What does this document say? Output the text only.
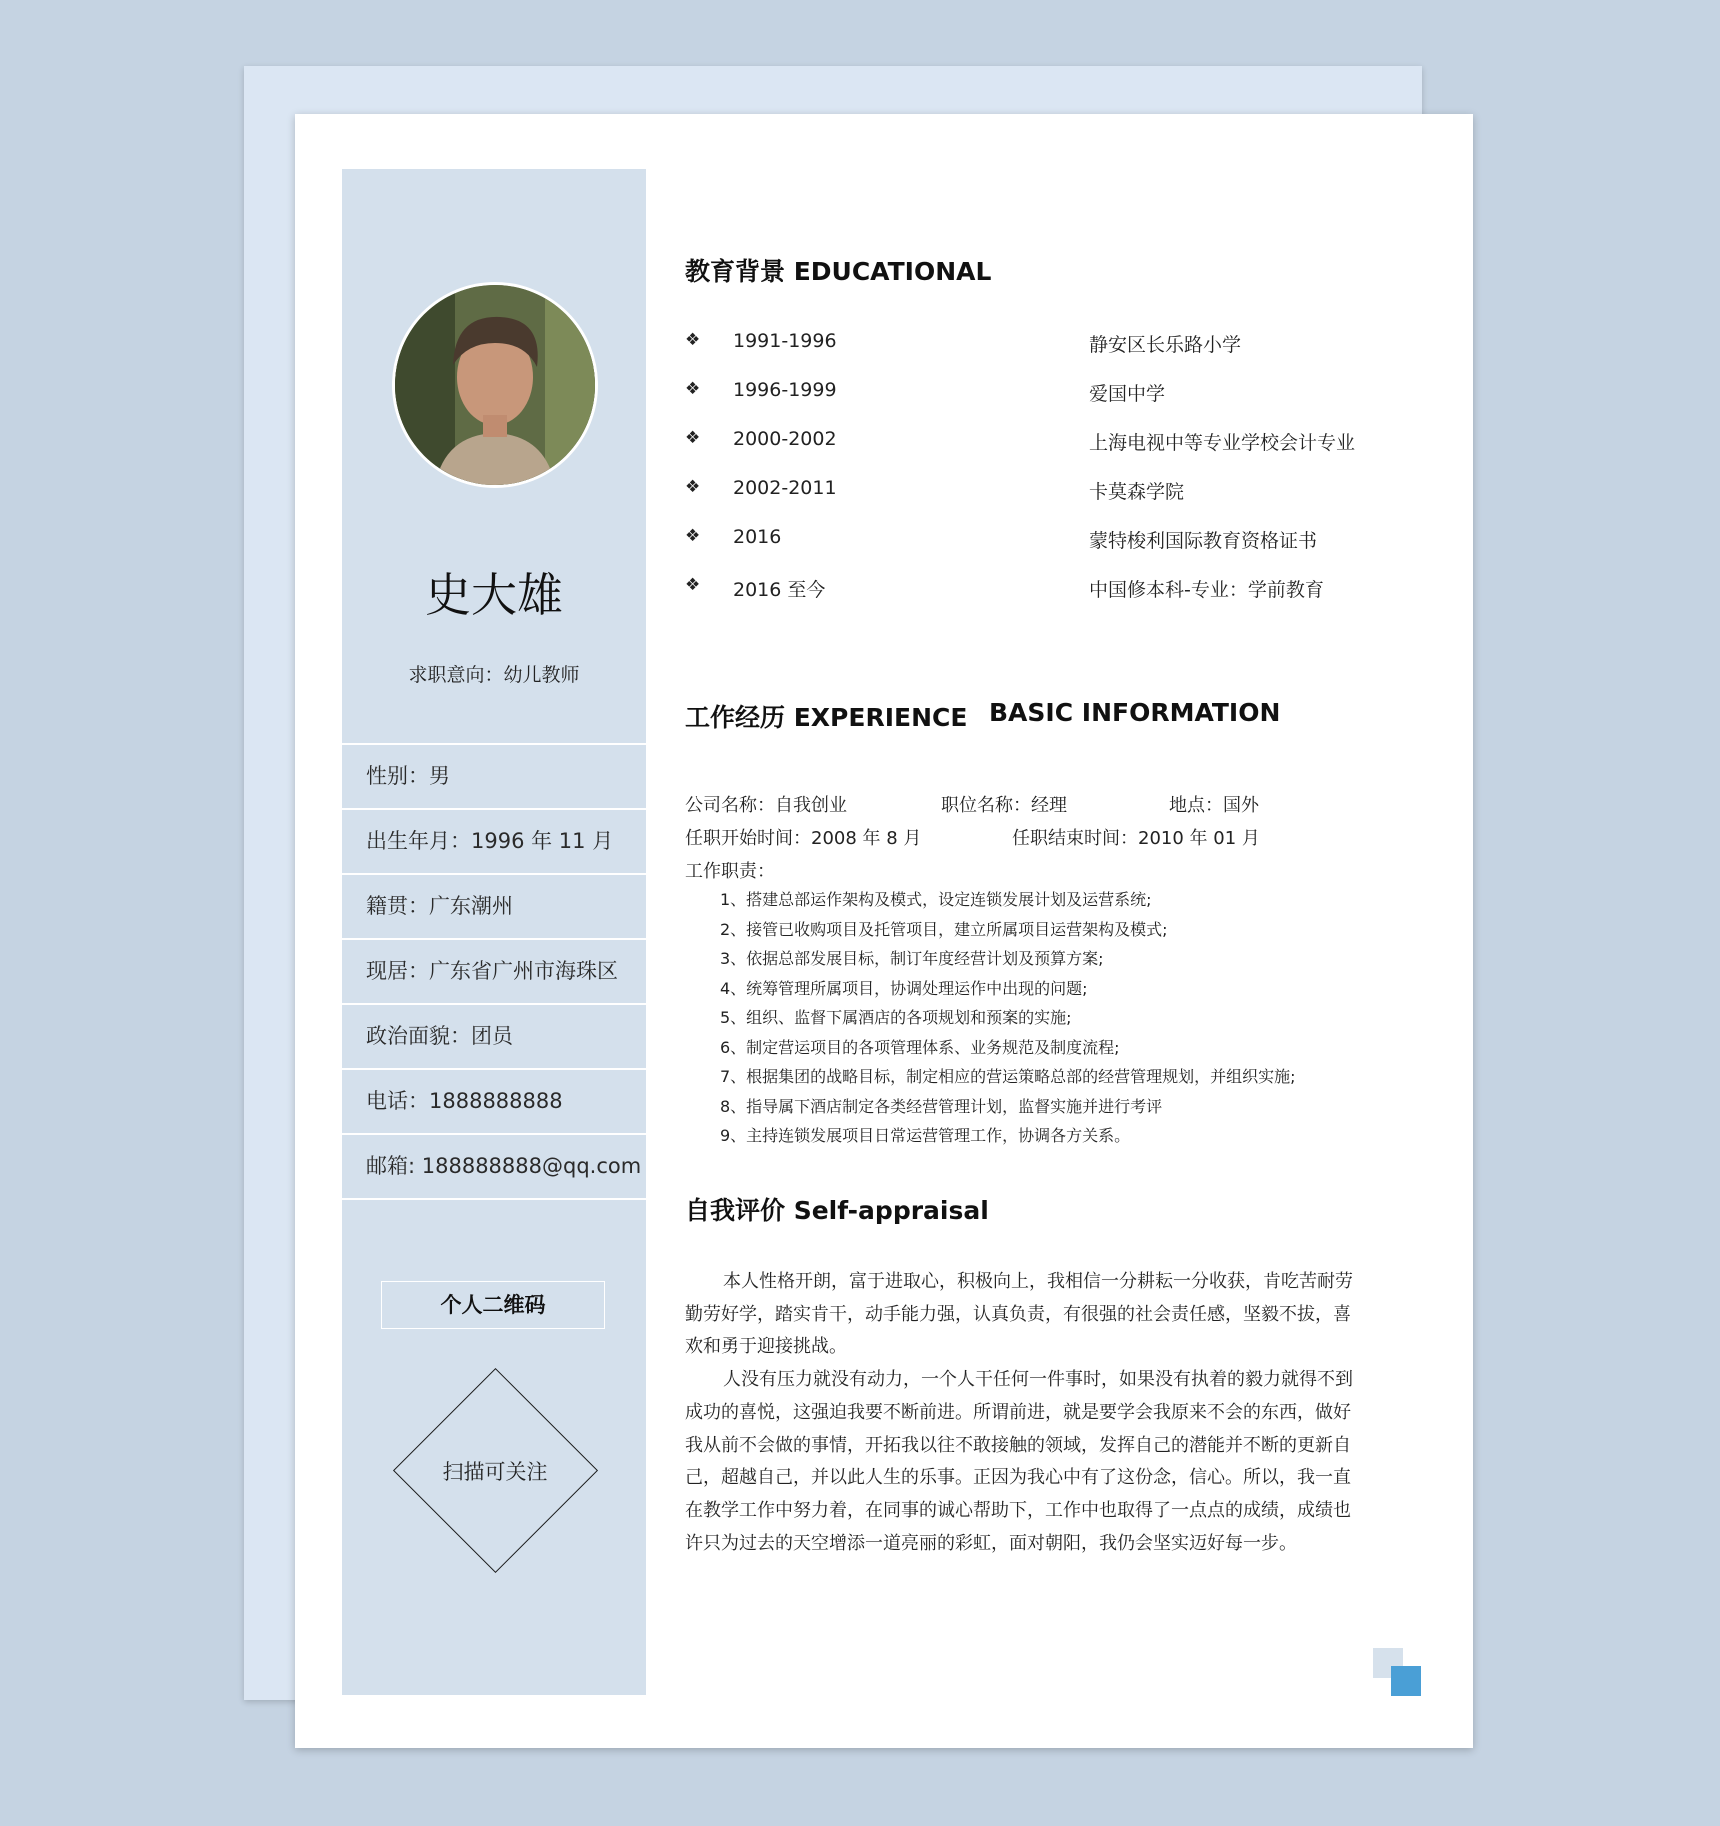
史大雄
求职意向：幼儿教师
性别：男
出生年月：1996 年 11 月
籍贯：广东潮州
现居：广东省广州市海珠区
政治面貌：团员
电话：1888888888
邮箱: 188888888@qq.com
个人二维码
扫描可关注
教育背景 EDUCATIONAL
❖ 1991-1996	静安区长乐路小学
❖ 1996-1999	爱国中学
❖ 2000-2002	上海电视中等专业学校会计专业
❖ 2002-2011	卡莫森学院
❖ 2016	蒙特梭利国际教育资格证书
❖ 2016 至今	中国修本科-专业：学前教育
工作经历 EXPERIENCE BASIC INFORMATION
公司名称：自我创业	职位名称：经理	地点：国外
任职开始时间：2008 年 8 月	任职结束时间：2010 年 01 月
工作职责：
1、搭建总部运作架构及模式，设定连锁发展计划及运营系统;
2、接管已收购项目及托管项目，建立所属项目运营架构及模式;
3、依据总部发展目标，制订年度经营计划及预算方案;
4、统筹管理所属项目，协调处理运作中出现的问题;
5、组织、监督下属酒店的各项规划和预案的实施;
6、制定营运项目的各项管理体系、业务规范及制度流程;
7、根据集团的战略目标，制定相应的营运策略总部的经营管理规划，并组织实施;
8、指导属下酒店制定各类经营管理计划，监督实施并进行考评
9、主持连锁发展项目日常运营管理工作，协调各方关系。
自我评价 Self-appraisal

本人性格开朗，富于进取心，积极向上，我相信一分耕耘一分收获，肯吃苦耐劳勤劳好学，踏实肯干，动手能力强，认真负责，有很强的社会责任感，坚毅不拔，喜欢和勇于迎接挑战。

人没有压力就没有动力，一个人干任何一件事时，如果没有执着的毅力就得不到成功的喜悦，这强迫我要不断前进。所谓前进，就是要学会我原来不会的东西，做好我从前不会做的事情，开拓我以往不敢接触的领域，发挥自己的潜能并不断的更新自己，超越自己，并以此人生的乐事。正因为我心中有了这份念，信心。所以，我一直在教学工作中努力着，在同事的诚心帮助下，工作中也取得了一点点的成绩，成绩也许只为过去的天空增添一道亮丽的彩虹，面对朝阳，我仍会坚实迈好每一步。
